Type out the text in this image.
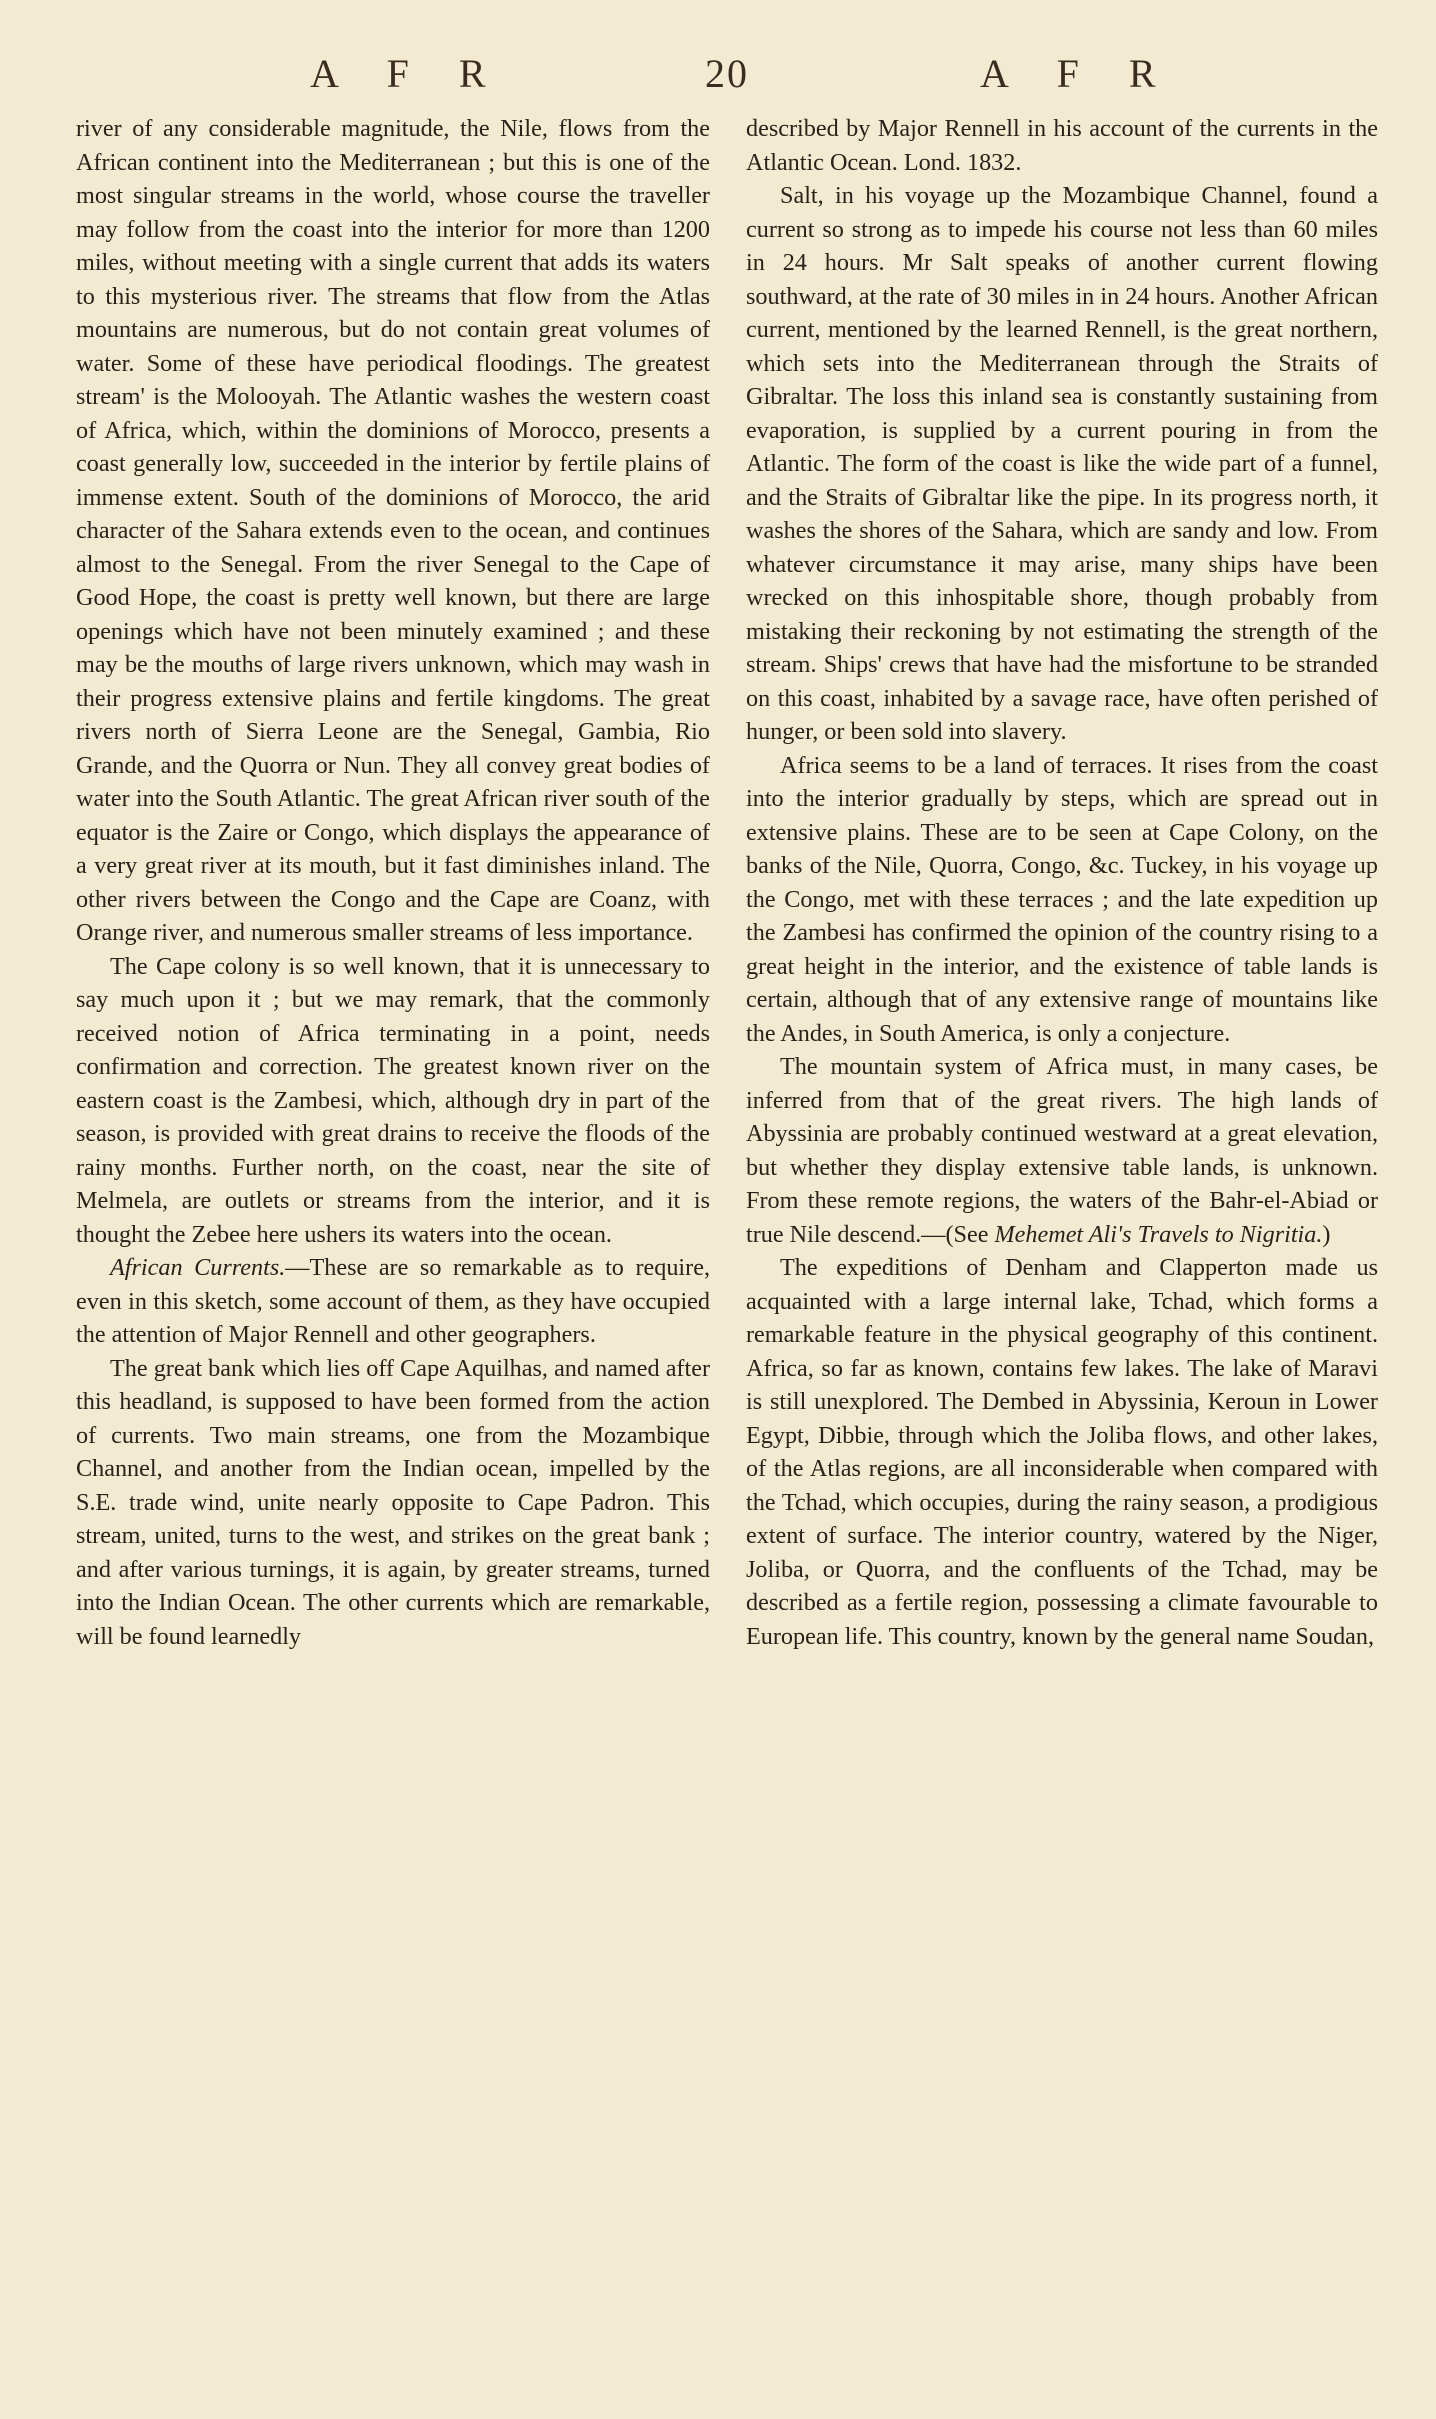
A F R	20	A F R

river of any considerable magnitude, the Nile, flows from the African continent into the Mediterranean ; but this is one of the most singular streams in the world, whose course the traveller may follow from the coast into the interior for more than 1200 miles, without meeting with a single current that adds its waters to this mysterious river. The streams that flow from the Atlas mountains are numerous, but do not contain great volumes of water. Some of these have periodical floodings. The greatest stream' is the Molooyah. The Atlantic washes the western coast of Africa, which, within the dominions of Morocco, presents a coast generally low, succeeded in the interior by fertile plains of immense extent. South of the dominions of Morocco, the arid character of the Sahara extends even to the ocean, and continues almost to the Senegal. From the river Senegal to the Cape of Good Hope, the coast is pretty well known, but there are large openings which have not been minutely examined ; and these may be the mouths of large rivers unknown, which may wash in their progress extensive plains and fertile kingdoms. The great rivers north of Sierra Leone are the Senegal, Gambia, Rio Grande, and the Quorra or Nun. They all convey great bodies of water into the South Atlantic. The great African river south of the equator is the Zaire or Congo, which displays the appearance of a very great river at its mouth, but it fast diminishes inland. The other rivers between the Congo and the Cape are Coanz, with Orange river, and numerous smaller streams of less importance.

The Cape colony is so well known, that it is unnecessary to say much upon it ; but we may remark, that the commonly received notion of Africa terminating in a point, needs confirmation and correction. The greatest known river on the eastern coast is the Zambesi, which, although dry in part of the season, is provided with great drains to receive the floods of the rainy months. Further north, on the coast, near the site of Melmela, are outlets or streams from the interior, and it is thought the Zebee here ushers its waters into the ocean.

African Currents.—These are so remarkable as to require, even in this sketch, some account of them, as they have occupied the attention of Major Rennell and other geographers.

The great bank which lies off Cape Aquilhas, and named after this headland, is supposed to have been formed from the action of currents. Two main streams, one from the Mozambique Channel, and another from the Indian ocean, impelled by the S.E. trade wind, unite nearly opposite to Cape Padron. This stream, united, turns to the west, and strikes on the great bank ; and after various turnings, it is again, by greater streams, turned into the Indian Ocean. The other currents which are remarkable, will be found learnedly

described by Major Rennell in his account of the currents in the Atlantic Ocean. Lond. 1832.

Salt, in his voyage up the Mozambique Channel, found a current so strong as to impede his course not less than 60 miles in 24 hours. Mr Salt speaks of another current flowing southward, at the rate of 30 miles in in 24 hours. Another African current, mentioned by the learned Rennell, is the great northern, which sets into the Mediterranean through the Straits of Gibraltar. The loss this inland sea is constantly sustaining from evaporation, is supplied by a current pouring in from the Atlantic. The form of the coast is like the wide part of a funnel, and the Straits of Gibraltar like the pipe. In its progress north, it washes the shores of the Sahara, which are sandy and low. From whatever circumstance it may arise, many ships have been wrecked on this inhospitable shore, though probably from mistaking their reckoning by not estimating the strength of the stream. Ships' crews that have had the misfortune to be stranded on this coast, inhabited by a savage race, have often perished of hunger, or been sold into slavery.

Africa seems to be a land of terraces. It rises from the coast into the interior gradually by steps, which are spread out in extensive plains. These are to be seen at Cape Colony, on the banks of the Nile, Quorra, Congo, &c. Tuckey, in his voyage up the Congo, met with these terraces ; and the late expedition up the Zambesi has confirmed the opinion of the country rising to a great height in the interior, and the existence of table lands is certain, although that of any extensive range of mountains like the Andes, in South America, is only a conjecture.

The mountain system of Africa must, in many cases, be inferred from that of the great rivers. The high lands of Abyssinia are probably continued westward at a great elevation, but whether they display extensive table lands, is unknown. From these remote regions, the waters of the Bahr-el-Abiad or true Nile descend.—(See Mehemet Ali's Travels to Nigritia.)

The expeditions of Denham and Clapperton made us acquainted with a large internal lake, Tchad, which forms a remarkable feature in the physical geography of this continent. Africa, so far as known, contains few lakes. The lake of Maravi is still unexplored. The Dembed in Abyssinia, Keroun in Lower Egypt, Dibbie, through which the Joliba flows, and other lakes, of the Atlas regions, are all inconsiderable when compared with the Tchad, which occupies, during the rainy season, a prodigious extent of surface. The interior country, watered by the Niger, Joliba, or Quorra, and the confluents of the Tchad, may be described as a fertile region, possessing a climate favourable to European life. This country, known by the general name Soudan,
